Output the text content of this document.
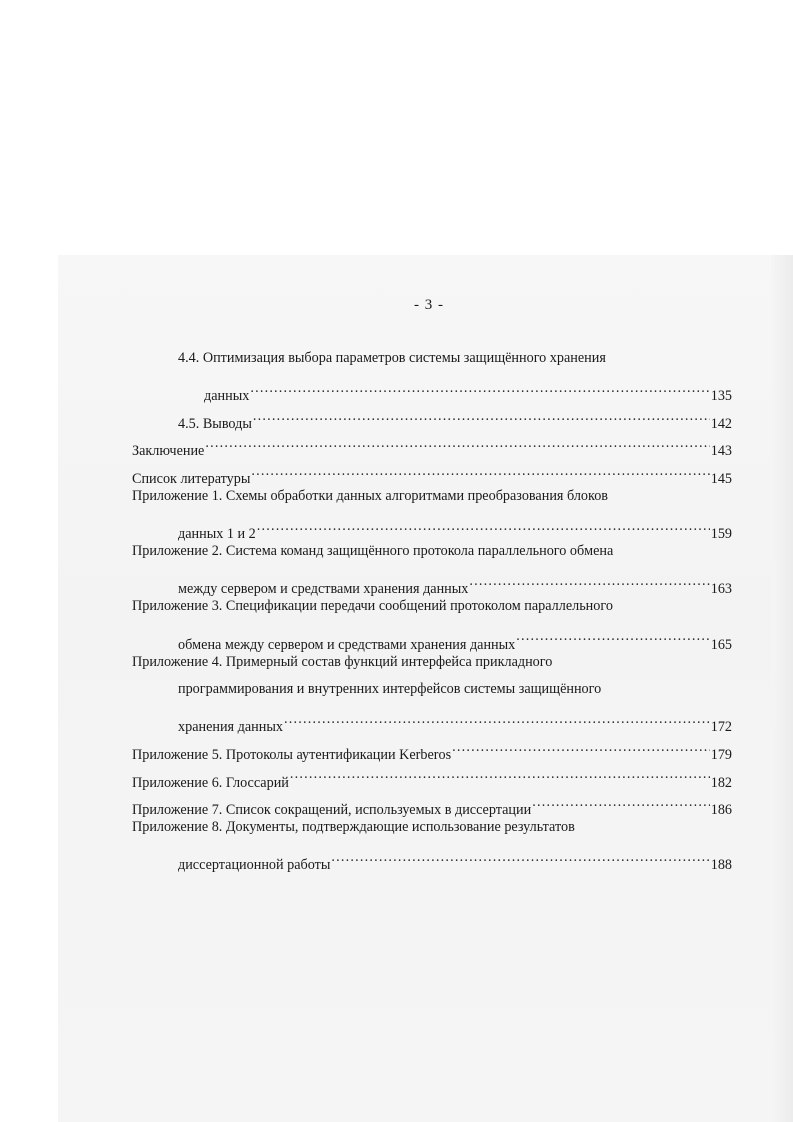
- 3 -
4.4. Оптимизация выбора параметров системы защищённого хранения
данных .....	135
4.5. Выводы .....	142
Заключение .....	143
Список литературы .....	145
Приложение 1. Схемы обработки данных алгоритмами преобразования блоков
данных 1 и 2 .....	159
Приложение 2. Система команд защищённого протокола параллельного обмена
между сервером и средствами хранения данных .....	163
Приложение 3. Спецификации передачи сообщений протоколом параллельного
обмена между сервером и средствами хранения данных .....	165
Приложение 4. Примерный состав функций интерфейса прикладного
программирования и внутренних интерфейсов системы защищённого
хранения данных .....	172
Приложение 5. Протоколы аутентификации Kerberos .....	179
Приложение 6. Глоссарий .....	182
Приложение 7. Список сокращений, используемых в диссертации .....	186
Приложение 8. Документы, подтверждающие использование результатов
диссертационной работы .....	188
